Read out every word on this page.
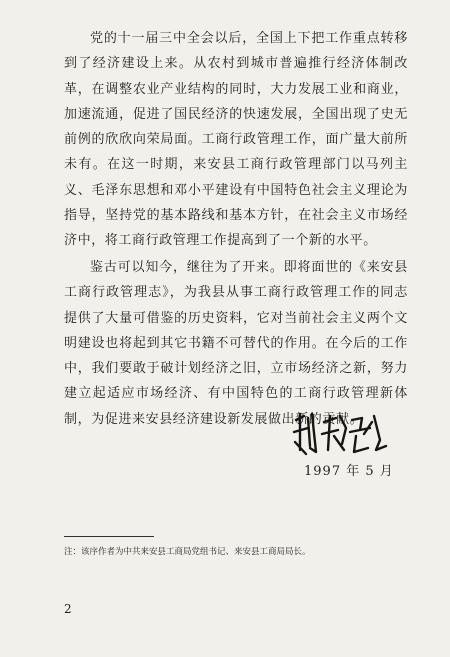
党的十一届三中全会以后，全国上下把工作重点转移到了经济建设上来。从农村到城市普遍推行经济体制改革，在调整农业产业结构的同时，大力发展工业和商业，加速流通，促进了国民经济的快速发展，全国出现了史无前例的欣欣向荣局面。工商行政管理工作，面广量大前所未有。在这一时期，来安县工商行政管理部门以马列主义、毛泽东思想和邓小平建设有中国特色社会主义理论为指导，坚持党的基本路线和基本方针，在社会主义市场经济中，将工商行政管理工作提高到了一个新的水平。

鉴古可以知今，继往为了开来。即将面世的《来安县工商行政管理志》，为我县从事工商行政管理工作的同志提供了大量可借鉴的历史资料，它对当前社会主义两个文明建设也将起到其它书籍不可替代的作用。在今后的工作中，我们要敢于破计划经济之旧，立市场经济之新，努力建立起适应市场经济、有中国特色的工商行政管理新体制，为促进来安县经济建设新发展做出新的贡献。

1997 年 5 月
注：该序作者为中共来安县工商局党组书记、来安县工商局局长。
2
